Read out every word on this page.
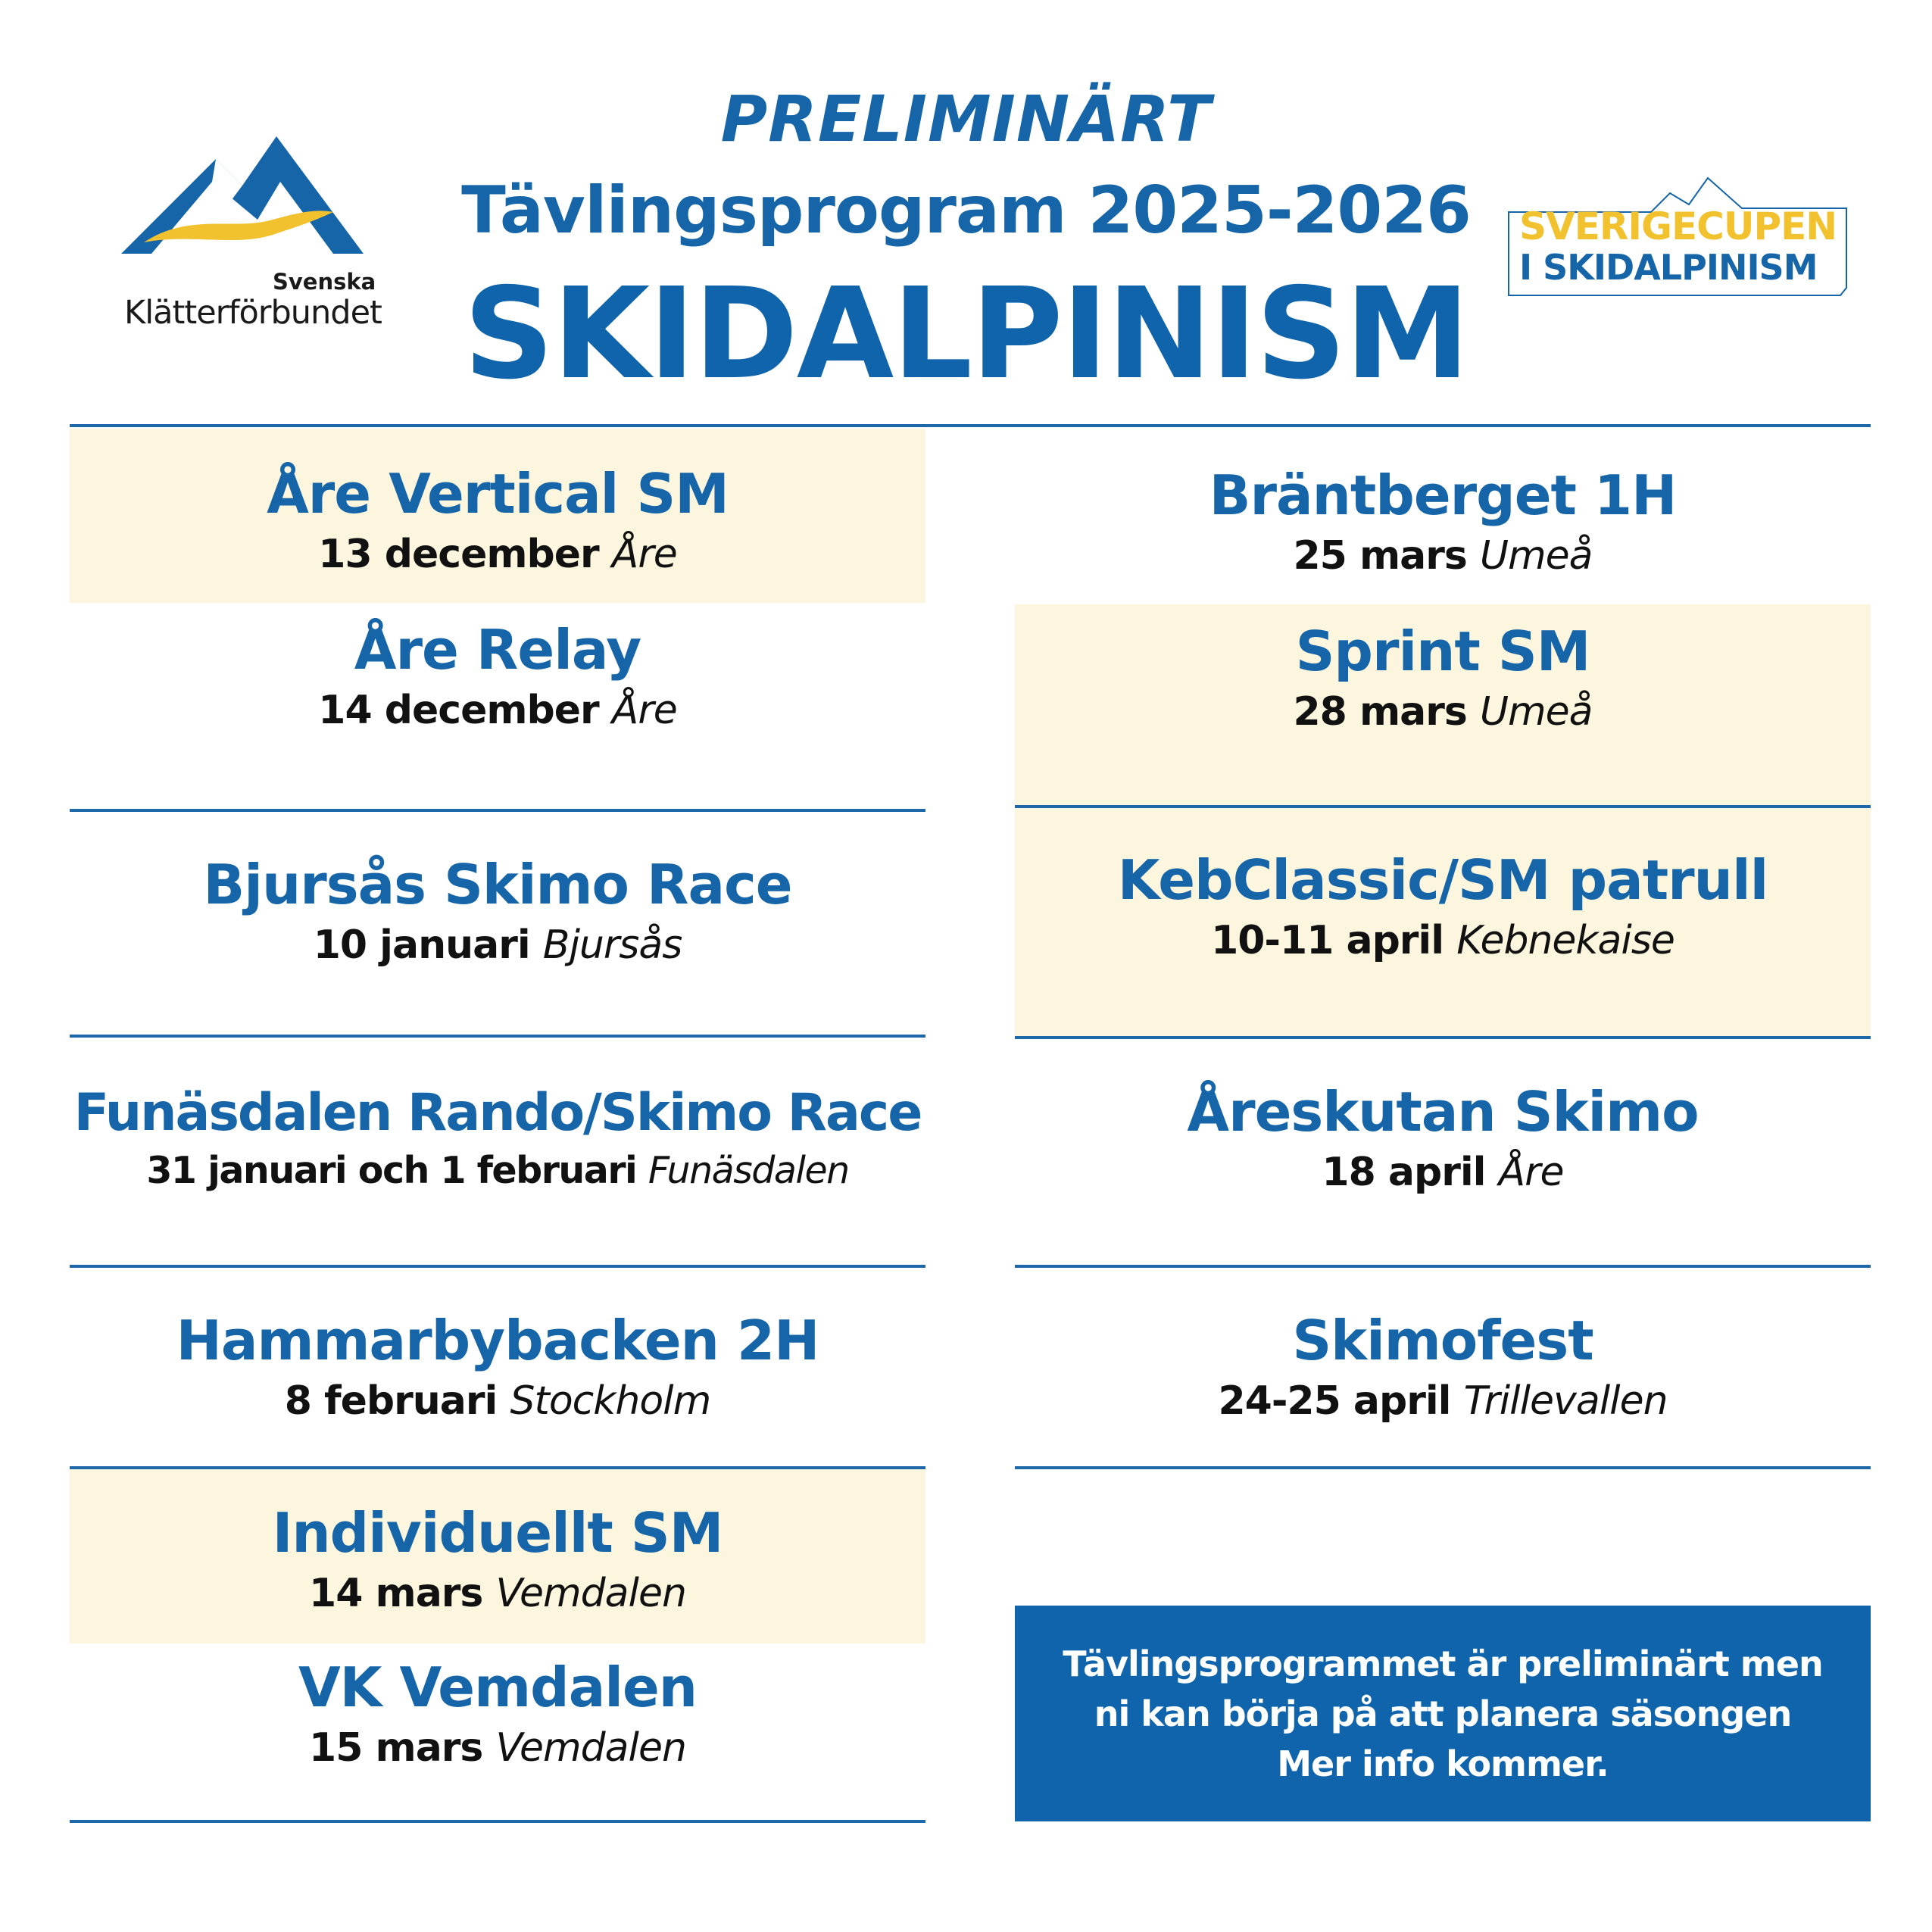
Svenska
Klätterförbundet
PRELIMINÄRT
Tävlingsprogram 2025-2026
SKIDALPINISM
SVERIGECUPEN
I SKIDALPINISM
Åre Vertical SM
13 december Åre
Åre Relay
14 december Åre
Bjursås Skimo Race
10 januari Bjursås
Funäsdalen Rando/Skimo Race
31 januari och 1 februari Funäsdalen
Hammarbybacken 2H
8 februari Stockholm
Individuellt SM
14 mars Vemdalen
VK Vemdalen
15 mars Vemdalen
Bräntberget 1H
25 mars Umeå
Sprint SM
28 mars Umeå
KebClassic/SM patrull
10-11 april Kebnekaise
Åreskutan Skimo
18 april Åre
Skimofest
24-25 april Trillevallen
Tävlingsprogrammet är preliminärt men
ni kan börja på att planera säsongen
Mer info kommer.
